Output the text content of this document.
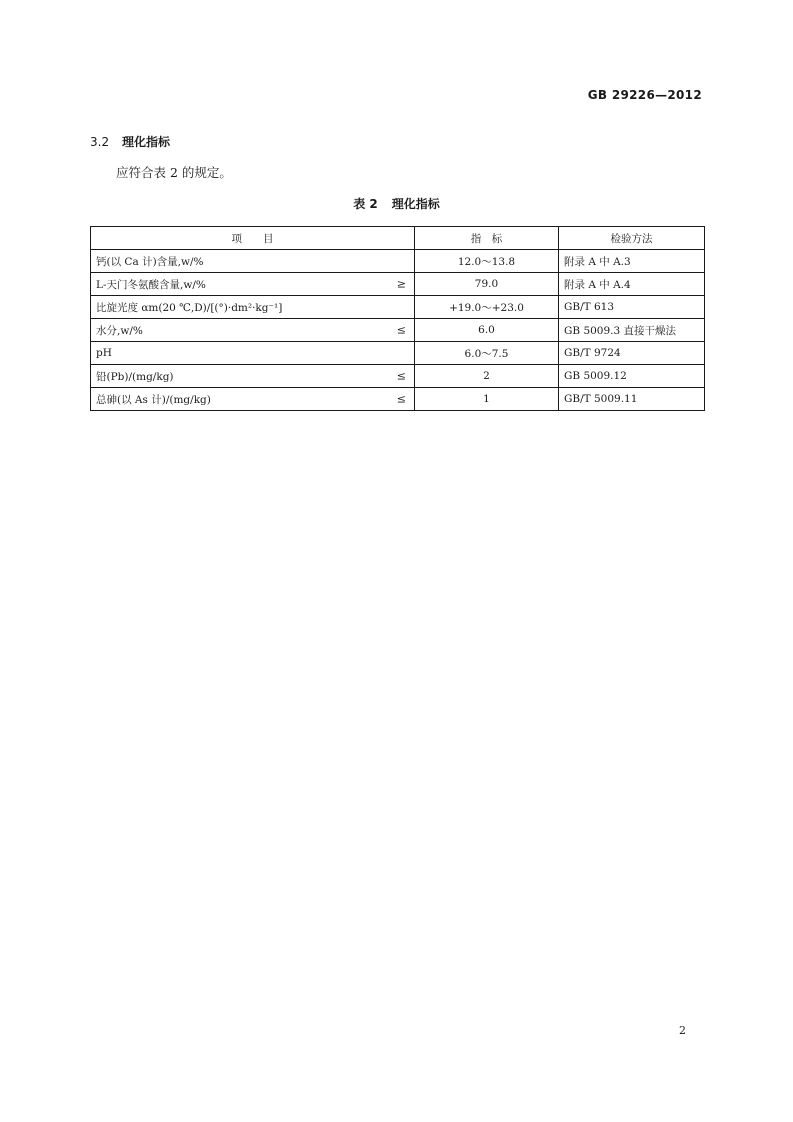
GB 29226—2012
3.2 理化指标
应符合表 2 的规定。
表 2 理化指标
项　　目	指　标	检验方法
钙(以 Ca 计)含量,w/%	12.0～13.8	附录 A 中 A.3
L-天门冬氨酸含量,w/% ≥	79.0	附录 A 中 A.4
比旋光度 αm(20 ℃,D)/[(°)·dm²·kg⁻¹]	+19.0～+23.0	GB/T 613
水分,w/% ≤	6.0	GB 5009.3 直接干燥法
pH	6.0～7.5	GB/T 9724
铅(Pb)/(mg/kg) ≤	2	GB 5009.12
总砷(以 As 计)/(mg/kg) ≤	1	GB/T 5009.11
2
